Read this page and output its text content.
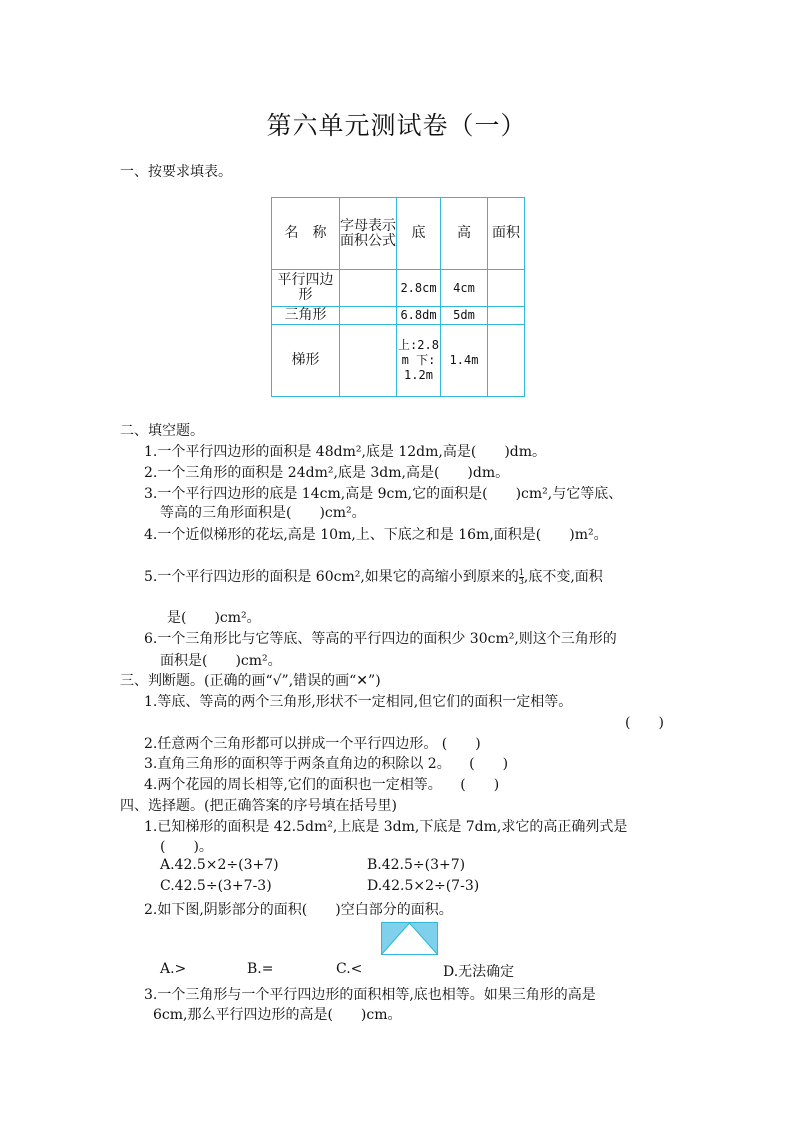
第六单元测试卷（一）
一、按要求填表。
名　称	字母表示面积公式	底	高	面积
平行四边形		2.8cm	4cm	
三角形		6.8dm	5dm	
梯形		上:2.8m 下:1.2m	1.4m	
二、填空题。
1.一个平行四边形的面积是 48dm²,底是 12dm,高是(　　)dm。
2.一个三角形的面积是 24dm²,底是 3dm,高是(　　)dm。
3.一个平行四边形的底是 14cm,高是 9cm,它的面积是(　　)cm²,与它等底、
等高的三角形面积是(　　)cm²。
4.一个近似梯形的花坛,高是 10m,上、下底之和是 16m,面积是(　　)m²。
5.一个平行四边形的面积是 60cm²,如果它的高缩小到原来的 $\frac{1}{3}$ ,底不变,面积
是(　　)cm²。
6.一个三角形比与它等底、等高的平行四边的面积少 30cm²,则这个三角形的
面积是(　　)cm²。
三、判断题。(正确的画“√”,错误的画“✕”)
1.等底、等高的两个三角形,形状不一定相同,但它们的面积一定相等。
(　　)
2.任意两个三角形都可以拼成一个平行四边形。 (　　)
3.直角三角形的面积等于两条直角边的积除以 2。 　(　　)
4.两个花园的周长相等,它们的面积也一定相等。 　(　　)
四、选择题。(把正确答案的序号填在括号里)
1.已知梯形的面积是 42.5dm²,上底是 3dm,下底是 7dm,求它的高正确列式是
(　　)。
A.42.5×2÷(3+7)	B.42.5÷(3+7)
C.42.5÷(3+7-3)	D.42.5×2÷(7-3)
2.如下图,阴影部分的面积(　　)空白部分的面积。
A.>	B.=	C.<	D.无法确定
3.一个三角形与一个平行四边形的面积相等,底也相等。如果三角形的高是
6cm,那么平行四边形的高是(　　)cm。
